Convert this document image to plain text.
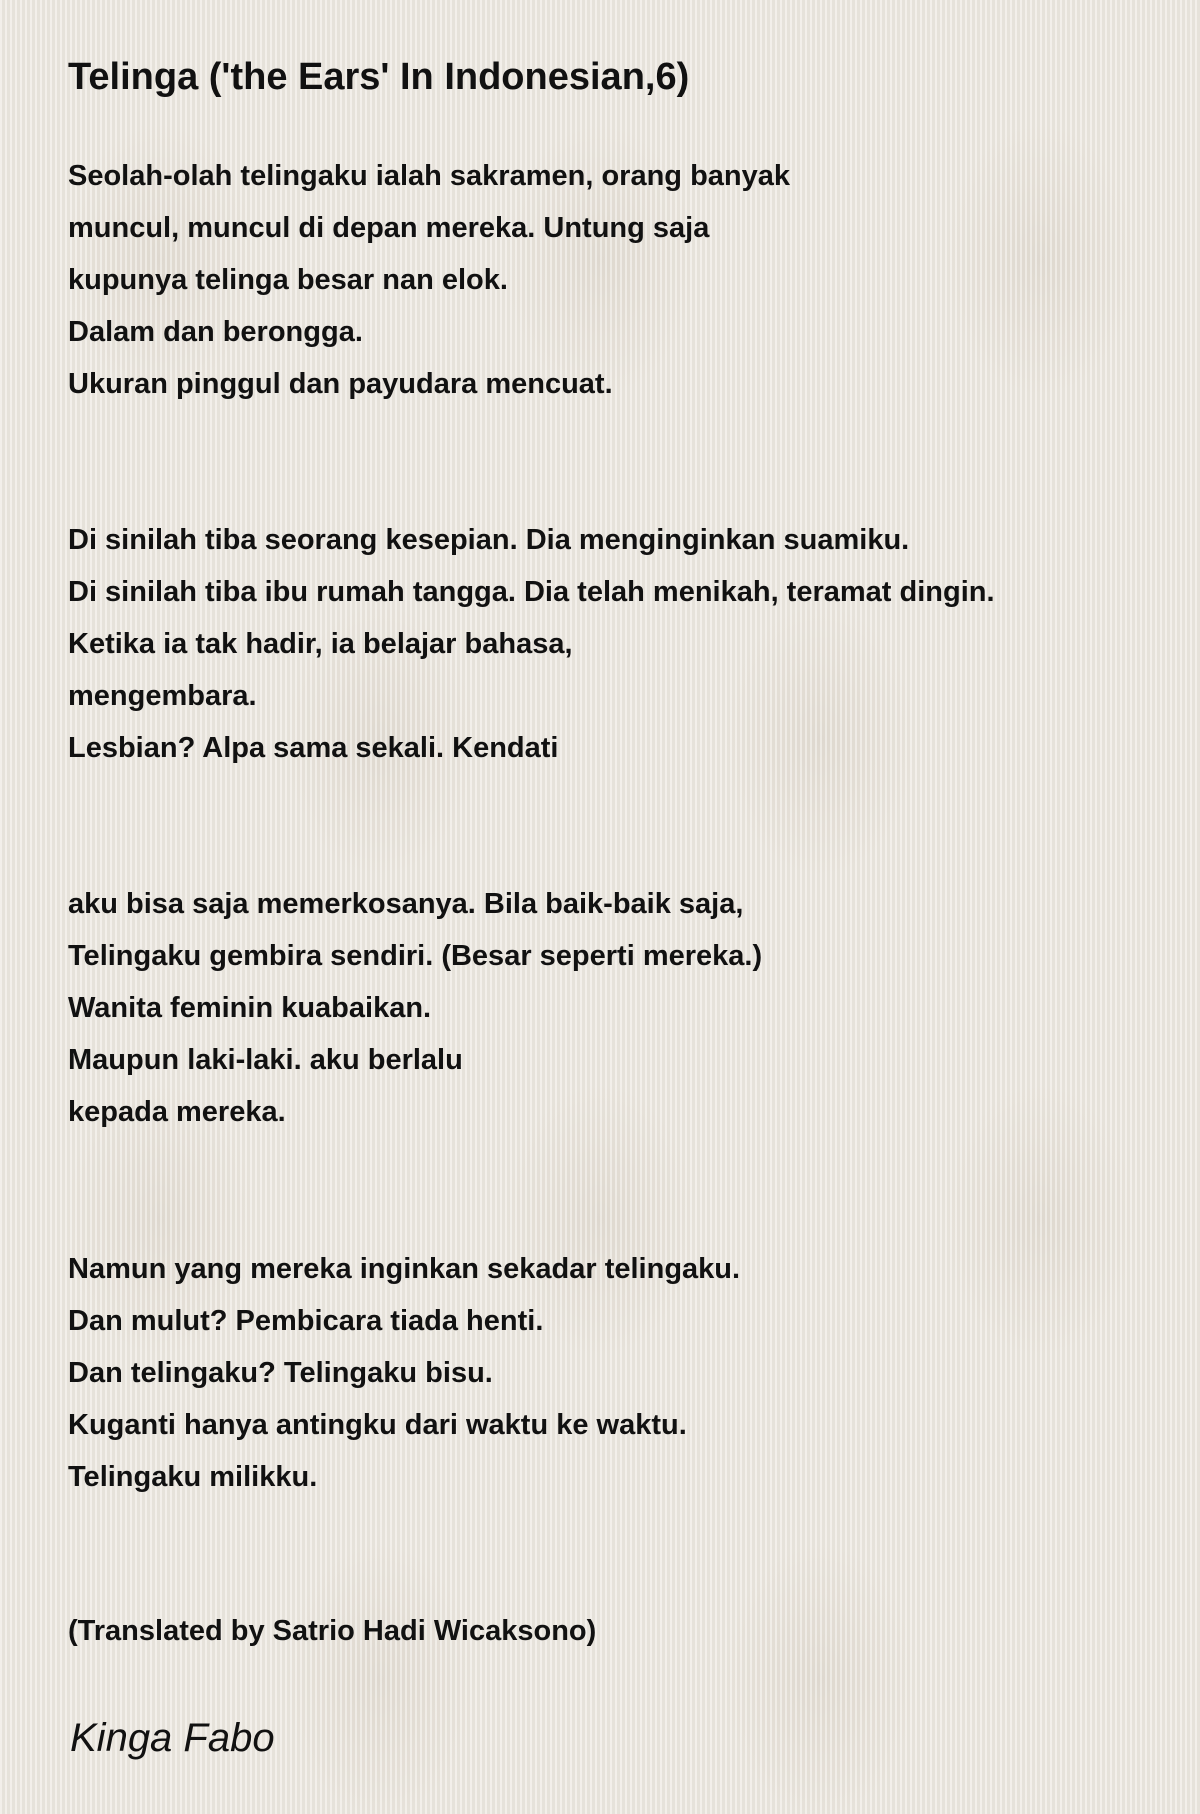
Telinga ('the Ears' In Indonesian,6)
Seolah-olah telingaku ialah sakramen, orang banyak
muncul, muncul di depan mereka. Untung saja
kupunya telinga besar nan elok.
Dalam dan berongga.
Ukuran pinggul dan payudara mencuat.
Di sinilah tiba seorang kesepian. Dia menginginkan suamiku.
Di sinilah tiba ibu rumah tangga. Dia telah menikah, teramat dingin.
Ketika ia tak hadir, ia belajar bahasa,
mengembara.
Lesbian? Alpa sama sekali. Kendati
aku bisa saja memerkosanya. Bila baik-baik saja,
Telingaku gembira sendiri. (Besar seperti mereka.)
Wanita feminin kuabaikan.
Maupun laki-laki. aku berlalu
kepada mereka.
Namun yang mereka inginkan sekadar telingaku.
Dan mulut? Pembicara tiada henti.
Dan telingaku? Telingaku bisu.
Kuganti hanya antingku dari waktu ke waktu.
Telingaku milikku.

(Translated by Satrio Hadi Wicaksono)

Kinga Fabo
